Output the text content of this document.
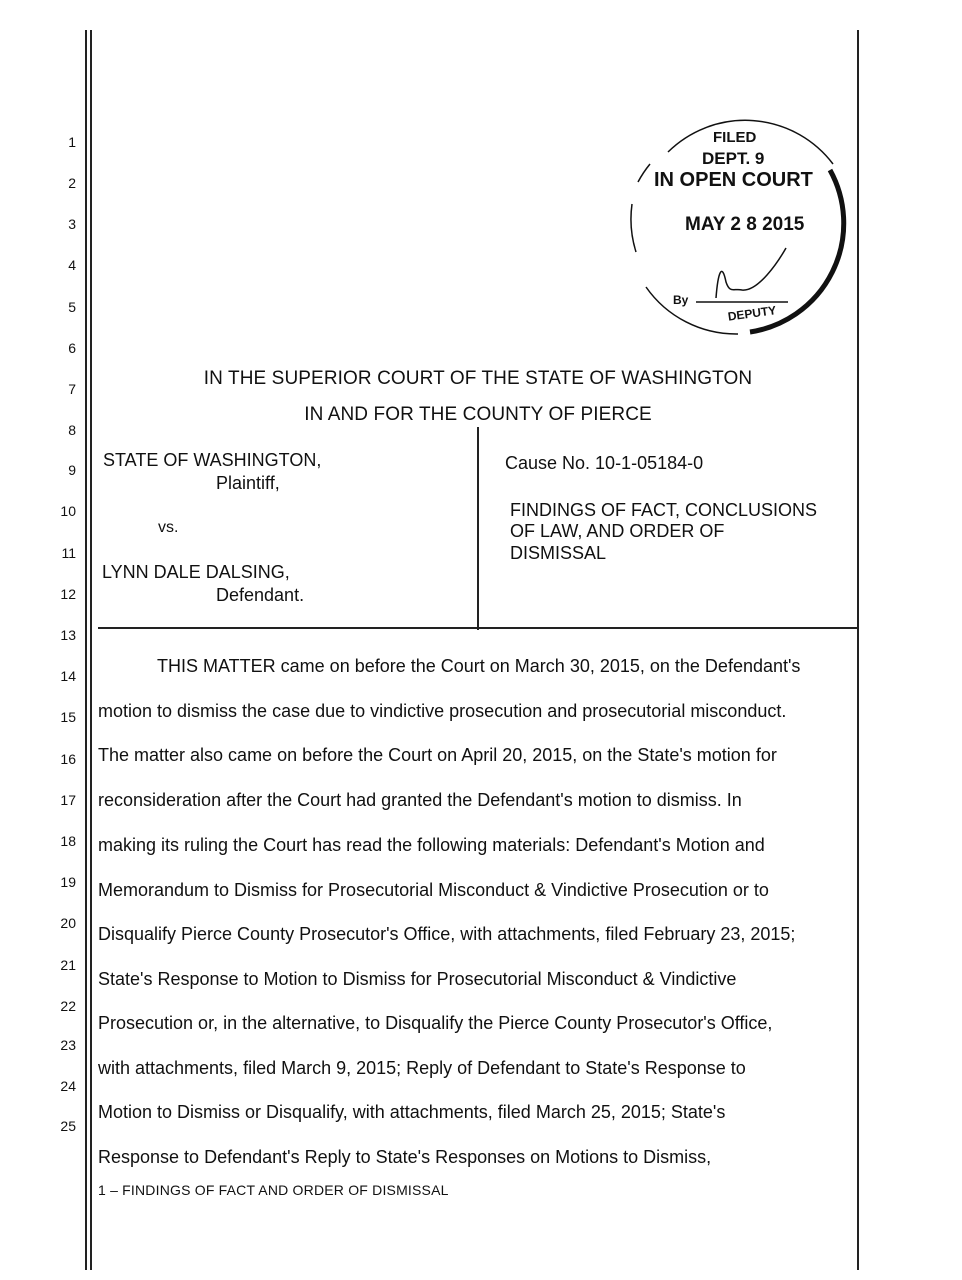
1
2
3
4
5
6
7
8
9
10
11
12
13
14
15
16
17
18
19
20
21
22
23
24
25
FILED
DEPT. 9
IN OPEN COURT
MAY 2 8 2015
By
DEPUTY
IN THE SUPERIOR COURT OF THE STATE OF WASHINGTON
IN AND FOR THE COUNTY OF PIERCE
STATE OF WASHINGTON,
Plaintiff,
vs.
LYNN DALE DALSING,
Defendant.
Cause No. 10-1-05184-0
FINDINGS OF FACT, CONCLUSIONS
OF LAW, AND ORDER OF
DISMISSAL
THIS MATTER came on before the Court on March 30, 2015, on the Defendant's
motion to dismiss the case due to vindictive prosecution and prosecutorial misconduct.
The matter also came on before the Court on April 20, 2015, on the State's motion for
reconsideration after the Court had granted the Defendant's motion to dismiss. In
making its ruling the Court has read the following materials: Defendant's Motion and
Memorandum to Dismiss for Prosecutorial Misconduct & Vindictive Prosecution or to
Disqualify Pierce County Prosecutor's Office, with attachments, filed February 23, 2015;
State's Response to Motion to Dismiss for Prosecutorial Misconduct & Vindictive
Prosecution or, in the alternative, to Disqualify the Pierce County Prosecutor's Office,
with attachments, filed March 9, 2015; Reply of Defendant to State's Response to
Motion to Dismiss or Disqualify, with attachments, filed March 25, 2015; State's
Response to Defendant's Reply to State's Responses on Motions to Dismiss,
1 – FINDINGS OF FACT AND ORDER OF DISMISSAL
